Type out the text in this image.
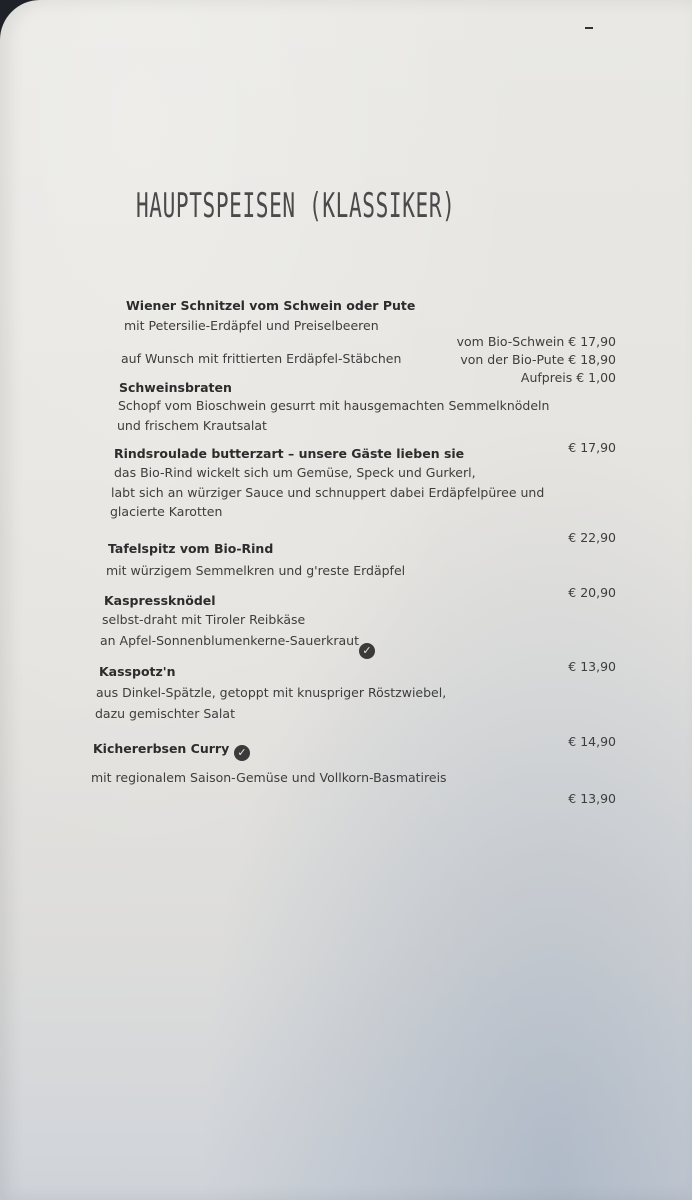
HAUPTSPEISEN (KLASSIKER)
Wiener Schnitzel vom Schwein oder Pute
mit Petersilie-Erdäpfel und Preiselbeeren
auf Wunsch mit frittierten Erdäpfel-Stäbchen
vom Bio-Schwein € 17,90
von der Bio-Pute € 18,90
Aufpreis € 1,00
Schweinsbraten
Schopf vom Bioschwein gesurrt mit hausgemachten Semmelknödeln
und frischem Krautsalat
€ 17,90
Rindsroulade butterzart – unsere Gäste lieben sie
das Bio-Rind wickelt sich um Gemüse, Speck und Gurkerl,
labt sich an würziger Sauce und schnuppert dabei Erdäpfelpüree und
glacierte Karotten
€ 22,90
Tafelspitz vom Bio-Rind
mit würzigem Semmelkren und g'reste Erdäpfel
€ 20,90
Kaspressknödel
selbst-draht mit Tiroler Reibkäse
an Apfel-Sonnenblumenkerne-Sauerkraut
✓
€ 13,90
Kasspotz'n
aus Dinkel-Spätzle, getoppt mit knuspriger Röstzwiebel,
dazu gemischter Salat
€ 14,90
Kichererbsen Curry ✓
mit regionalem Saison-Gemüse und Vollkorn-Basmatireis
€ 13,90
